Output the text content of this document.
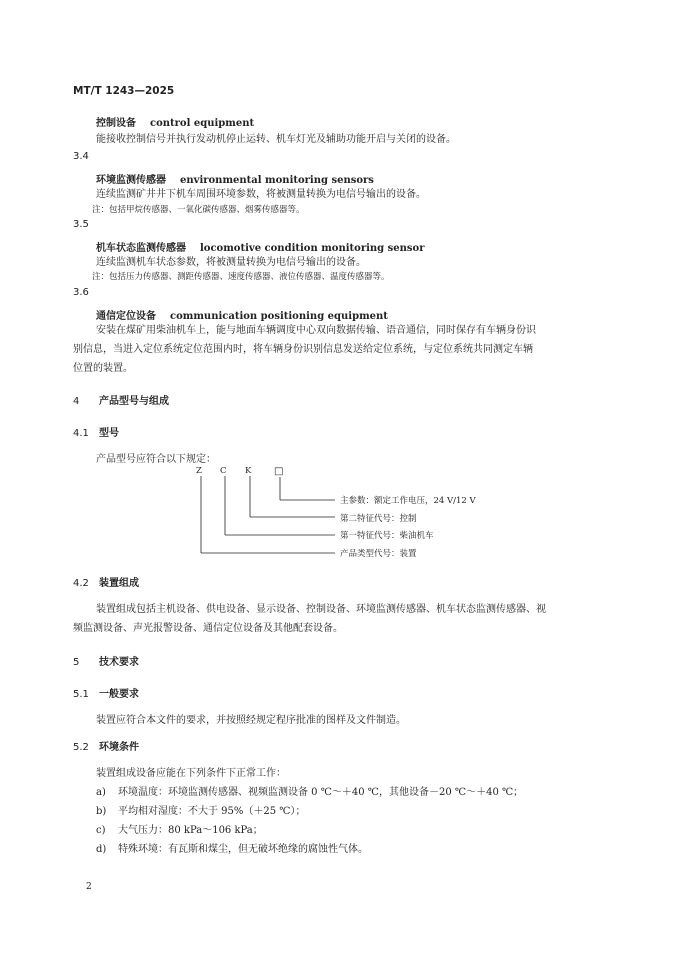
MT/T 1243—2025
控制设备 control equipment
能接收控制信号并执行发动机停止运转、机车灯光及辅助功能开启与关闭的设备。
3.4
环境监测传感器 environmental monitoring sensors
连续监测矿井井下机车周围环境参数，将被测量转换为电信号输出的设备。
注：包括甲烷传感器、一氧化碳传感器、烟雾传感器等。
3.5
机车状态监测传感器 locomotive condition monitoring sensor
连续监测机车状态参数，将被测量转换为电信号输出的设备。
注：包括压力传感器、测距传感器、速度传感器、液位传感器、温度传感器等。
3.6
通信定位设备 communication positioning equipment
安装在煤矿用柴油机车上，能与地面车辆调度中心双向数据传输、语音通信，同时保存有车辆身份识
别信息，当进入定位系统定位范围内时，将车辆身份识别信息发送给定位系统，与定位系统共同测定车辆
位置的装置。
4 产品型号与组成
4.1 型号
产品型号应符合以下规定：
Z C K □
主参数：额定工作电压，24 V/12 V
第二特征代号：控制
第一特征代号：柴油机车
产品类型代号：装置
4.2 装置组成
装置组成包括主机设备、供电设备、显示设备、控制设备、环境监测传感器、机车状态监测传感器、视
频监测设备、声光报警设备、通信定位设备及其他配套设备。
5 技术要求
5.1 一般要求
装置应符合本文件的要求，并按照经规定程序批准的图样及文件制造。
5.2 环境条件
装置组成设备应能在下列条件下正常工作：
a) 环境温度：环境监测传感器、视频监测设备 0 ℃～＋40 ℃，其他设备－20 ℃～＋40 ℃；
b) 平均相对湿度：不大于 95%（＋25 ℃）；
c) 大气压力：80 kPa～106 kPa；
d) 特殊环境：有瓦斯和煤尘，但无破坏绝缘的腐蚀性气体。
2
